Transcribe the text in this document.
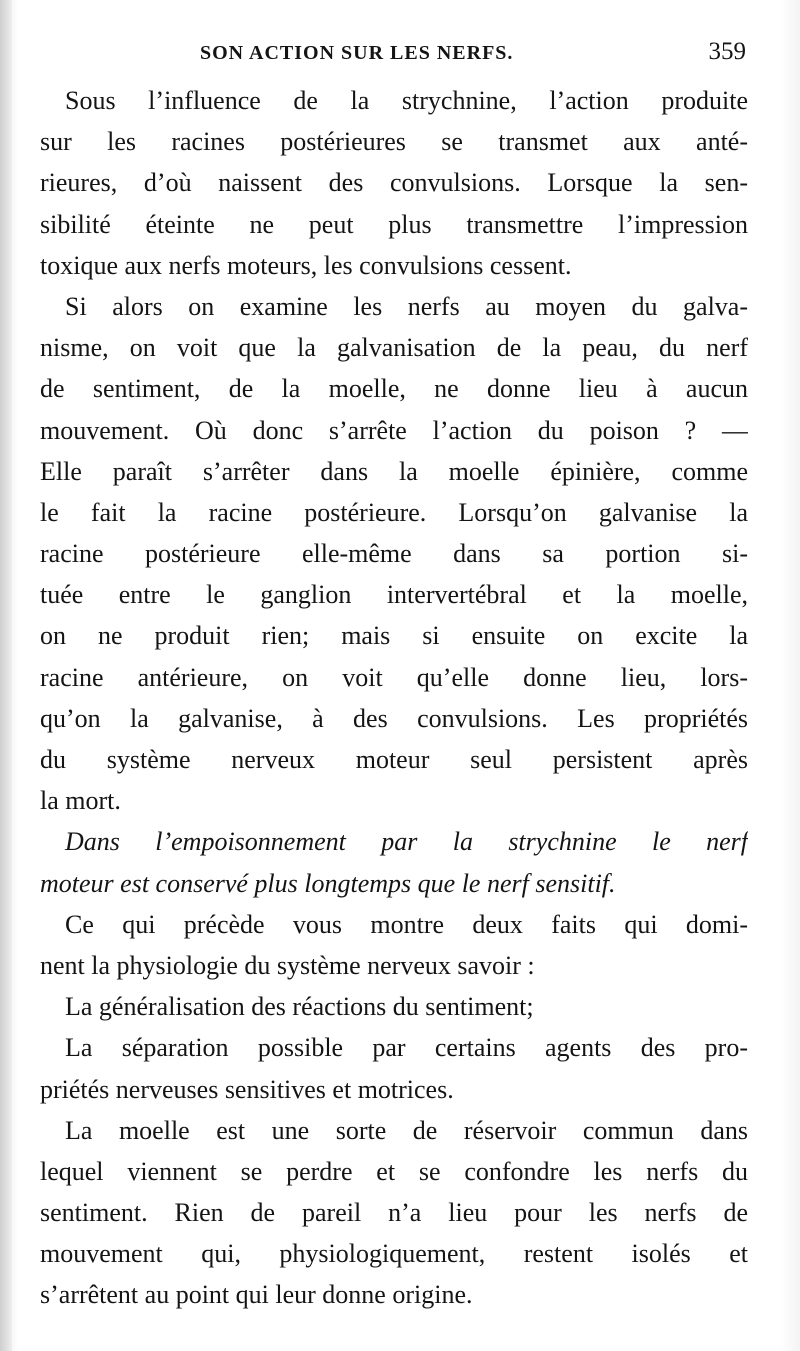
SON ACTION SUR LES NERFS.	359
Sous l’influence de la strychnine, l’action produite
sur les racines postérieures se transmet aux anté-
rieures, d’où naissent des convulsions. Lorsque la sen-
sibilité éteinte ne peut plus transmettre l’impression
toxique aux nerfs moteurs, les convulsions cessent.
Si alors on examine les nerfs au moyen du galva-
nisme, on voit que la galvanisation de la peau, du nerf
de sentiment, de la moelle, ne donne lieu à aucun
mouvement. Où donc s’arrête l’action du poison ? —
Elle paraît s’arrêter dans la moelle épinière, comme
le fait la racine postérieure. Lorsqu’on galvanise la
racine postérieure elle-même dans sa portion si-
tuée entre le ganglion intervertébral et la moelle,
on ne produit rien; mais si ensuite on excite la
racine antérieure, on voit qu’elle donne lieu, lors-
qu’on la galvanise, à des convulsions. Les propriétés
du système nerveux moteur seul persistent après
la mort.
Dans l’empoisonnement par la strychnine le nerf
moteur est conservé plus longtemps que le nerf sensitif.
Ce qui précède vous montre deux faits qui domi-
nent la physiologie du système nerveux savoir :
La généralisation des réactions du sentiment;
La séparation possible par certains agents des pro-
priétés nerveuses sensitives et motrices.
La moelle est une sorte de réservoir commun dans
lequel viennent se perdre et se confondre les nerfs du
sentiment. Rien de pareil n’a lieu pour les nerfs de
mouvement qui, physiologiquement, restent isolés et
s’arrêtent au point qui leur donne origine.
